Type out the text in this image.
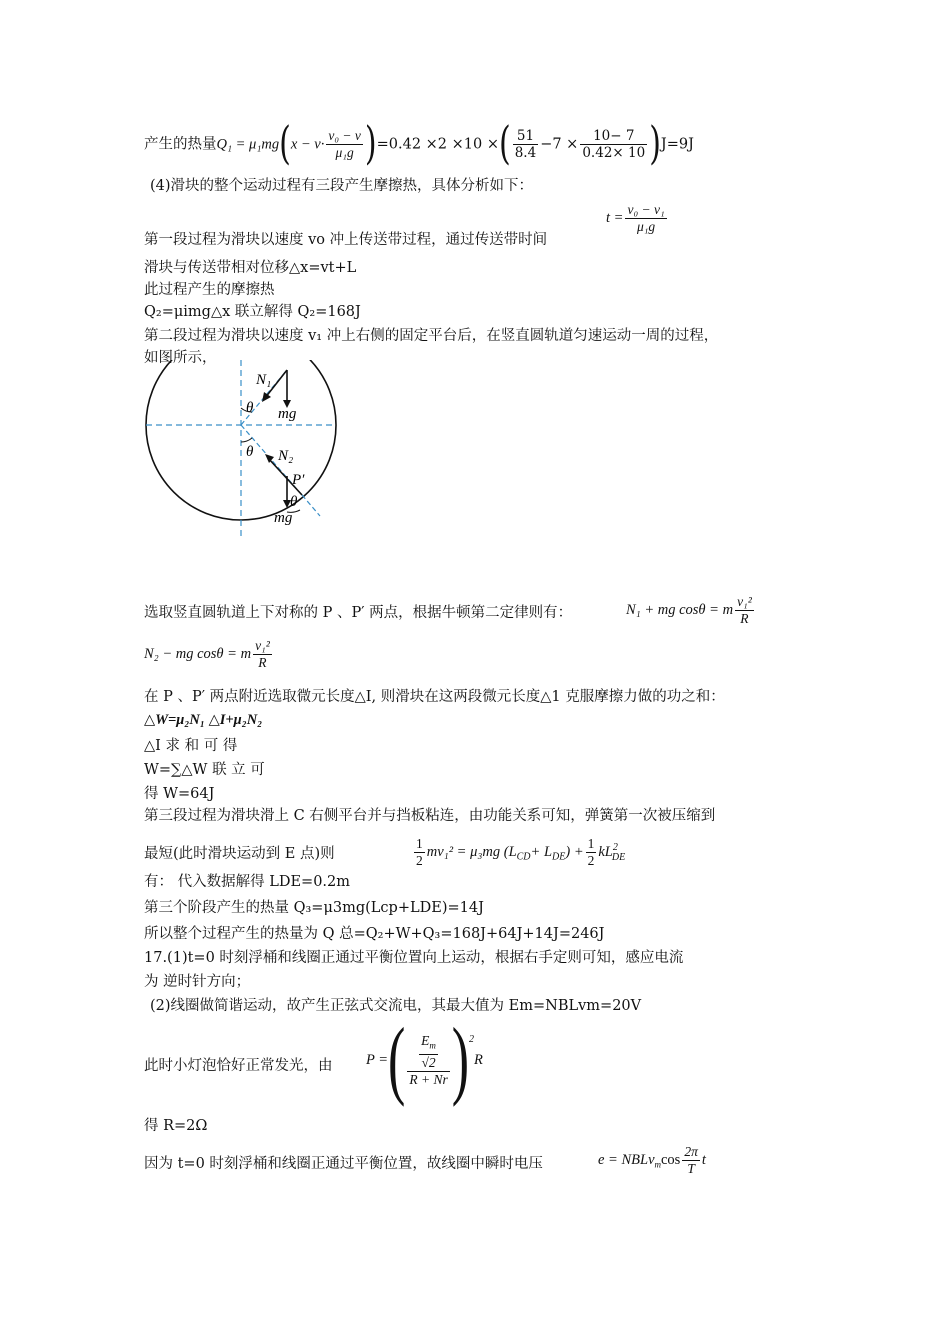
产生的热量$Q_1 = \mu_1mg(x - v\cdot \frac{\text{v₀ − v}}{\text{μ₁g}} )=0.42 \times 2 \times 10$ ×( $\frac{51}{8.4} -7 \times \frac{10- 7}{0.42\times 10} )J=9J$
(4)滑块的整个运动过程有三段产生摩擦热，具体分析如下：
$t = \frac{\text{v₀ − v₁}}{\text{μ₁g}}$
第一段过程为滑块以速度 vo 冲上传送带过程，通过传送带时间
滑块与传送带相对位移△x=vt+L
此过程产生的摩擦热
Q₂=μimg△x 联立解得 Q₂=168J
第二段过程为滑块以速度 v₁ 冲上右侧的固定平台后，在竖直圆轨道匀速运动一周的过程，
如图所示，
N₁
mg
θ
θ N₂
P′
θ
mg
选取竖直圆轨道上下对称的 P 、P′ 两点，根据牛顿第二定律则有：	N₁ + mg cosθ = m $\frac{\text{v₁²}}{R}$
N₂ − mg cosθ = m $\frac{\text{v₁²}}{R}$
在 P 、P′ 两点附近选取微元长度△I, 则滑块在这两段微元长度△1 克服摩擦力做的功之和：
△W=μ₂N₁ △I+μ₂N₂
△I 求 和 可 得
W=∑△W 联 立 可
得 W=64J
第三段过程为滑块滑上 C 右侧平台并与挡板粘连，由功能关系可知，弹簧第一次被压缩到
最短(此时滑块运动到 E 点)则	$\frac{1}{2} mv_1^2 = \mu_3mg$ $(L_{CD}+ L_{DE}) + \frac{1}{2} kL^2_{DE}$
有： 代入数据解得 LDE=0.2m
第三个阶段产生的热量 Q₃=μ3mg(Lcp+LDE)=14J
所以整个过程产生的热量为 Q 总=Q₂+W+Q₃=168J+64J+14J=246J
17.(1)t=0 时刻浮桶和线圈正通过平衡位置向上运动，根据右手定则可知，感应电流
为 逆时针方向；
(2)线圈做简谐运动，故产生正弦式交流电，其最大值为 Em=NBLvm=20V
此时小灯泡恰好正常发光，由 P =( $\frac{\frac{E_m}{√2}}{R + Nr} )^2R$
得 R=2Ω
因为 t=0 时刻浮桶和线圈正通过平衡位置，故线圈中瞬时电压	e = NBLv$_m$cos $\frac{2\pi}{T}$ t
